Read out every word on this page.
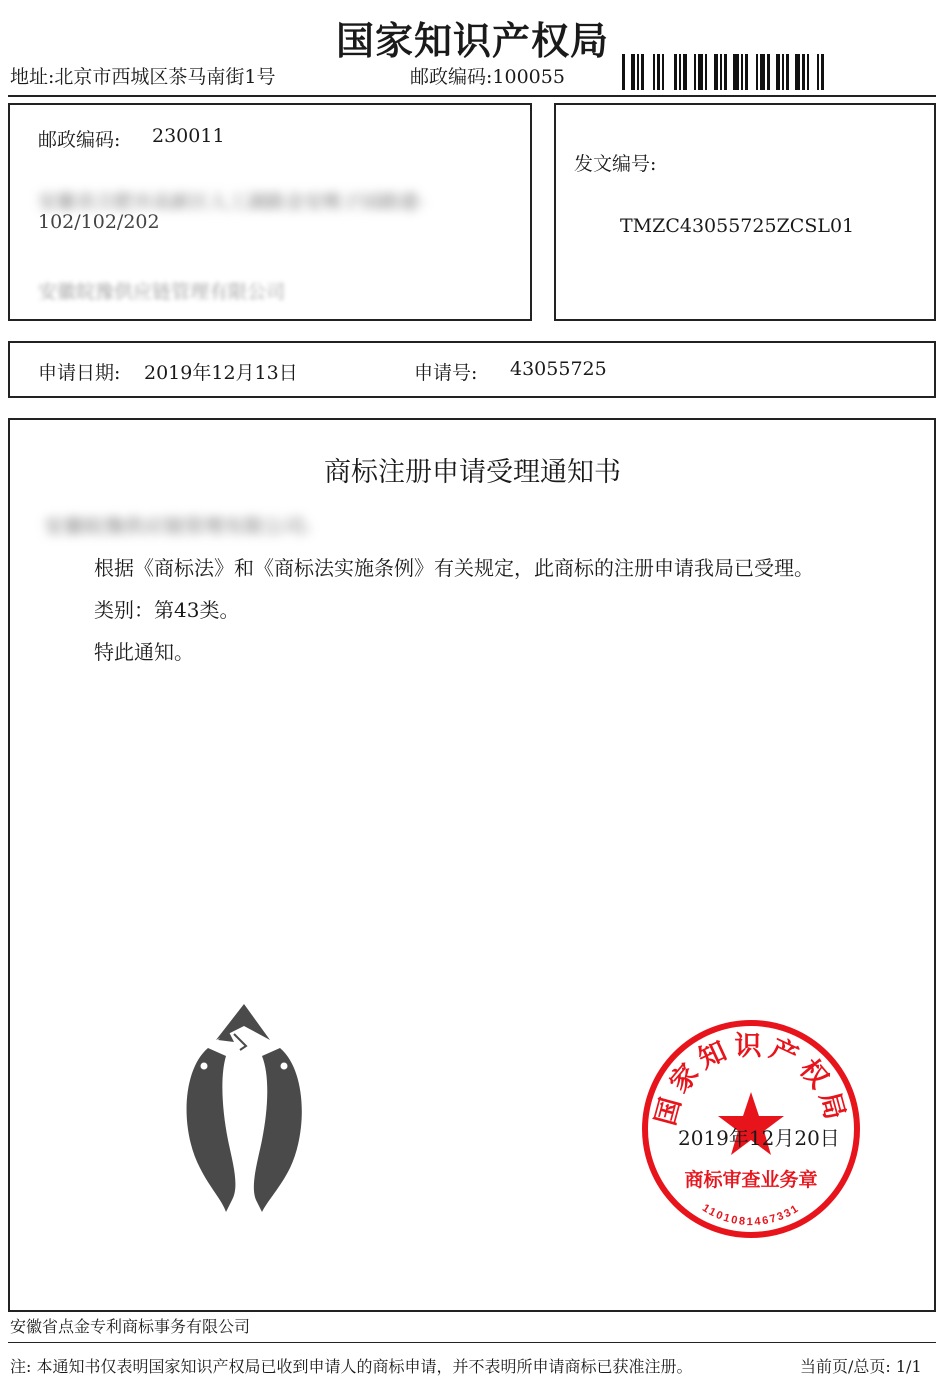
国家知识产权局
地址:北京市西城区茶马南街1号	邮政编码:100055
邮政编码: 230011
安徽省合肥市高新区人工湖路金安桃子园路建-
102/102/202
安徽皖豫供应链管理有限公司
发文编号:
TMZC43055725ZCSL01
申请日期: 2019年12月13日	申请号: 43055725
商标注册申请受理通知书
安徽皖豫供应链管理有限公司:
根据《商标法》和《商标法实施条例》有关规定，此商标的注册申请我局已受理。
类别：第43类。
特此通知。
国家知识产权局
商标审查业务章
1101081467331
2019年12月20日
安徽省点金专利商标事务有限公司
注: 本通知书仅表明国家知识产权局已收到申请人的商标申请，并不表明所申请商标已获准注册。	当前页/总页: 1/1
